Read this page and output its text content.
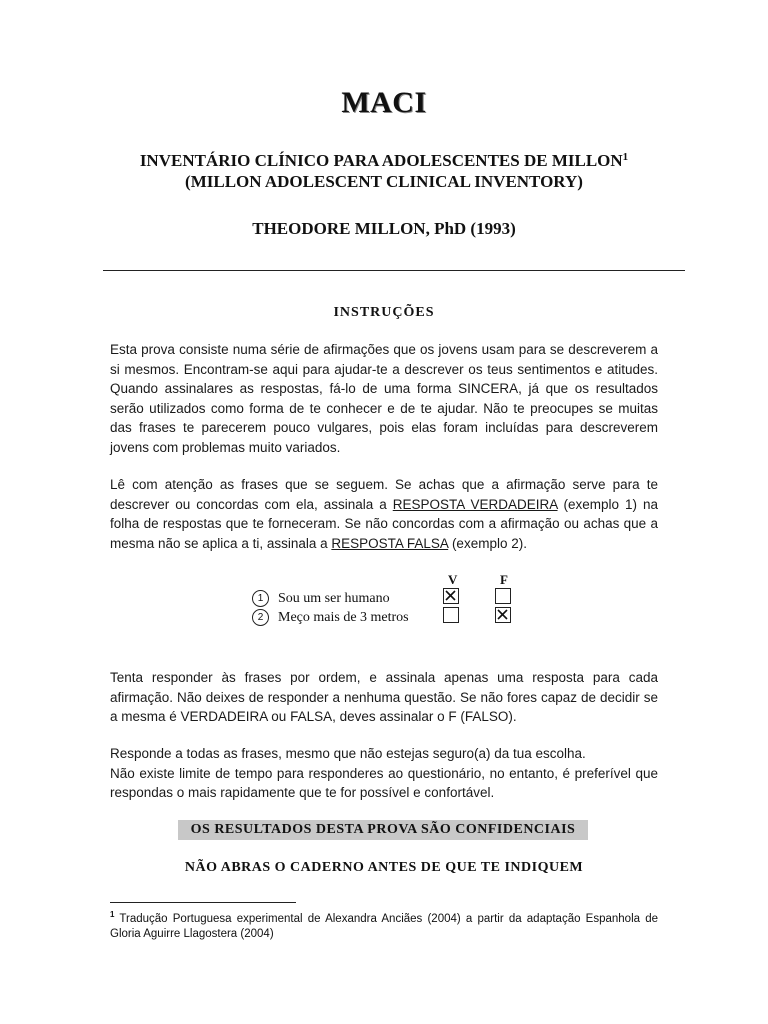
MACI
INVENTÁRIO CLÍNICO PARA ADOLESCENTES DE MILLON$^1$
(MILLON ADOLESCENT CLINICAL INVENTORY)
THEODORE MILLON, PhD (1993)
INSTRUÇÕES
Esta prova consiste numa série de afirmações que os jovens usam para se descreverem a si mesmos. Encontram-se aqui para ajudar-te a descrever os teus sentimentos e atitudes. Quando assinalares as respostas, fá-lo de uma forma SINCERA, já que os resultados serão utilizados como forma de te conhecer e de te ajudar. Não te preocupes se muitas das frases te parecerem pouco vulgares, pois elas foram incluídas para descreverem jovens com problemas muito variados.
Lê com atenção as frases que se seguem. Se achas que a afirmação serve para te descrever ou concordas com ela, assinala a RESPOSTA VERDADEIRA (exemplo 1) na folha de respostas que te forneceram. Se não concordas com a afirmação ou achas que a mesma não se aplica a ti, assinala a RESPOSTA FALSA (exemplo 2).
V	F
1	Sou um ser humano
2	Meço mais de 3 metros
Tenta responder às frases por ordem, e assinala apenas uma resposta para cada afirmação. Não deixes de responder a nenhuma questão. Se não fores capaz de decidir se a mesma é VERDADEIRA ou FALSA, deves assinalar o F (FALSO).
Responde a todas as frases, mesmo que não estejas seguro(a) da tua escolha.
Não existe limite de tempo para responderes ao questionário, no entanto, é preferível que respondas o mais rapidamente que te for possível e confortável.
OS RESULTADOS DESTA PROVA SÃO CONFIDENCIAIS
NÃO ABRAS O CADERNO ANTES DE QUE TE INDIQUEM
$^1$ Tradução Portuguesa experimental de Alexandra Anciães (2004) a partir da adaptação Espanhola de Gloria Aguirre Llagostera (2004)
